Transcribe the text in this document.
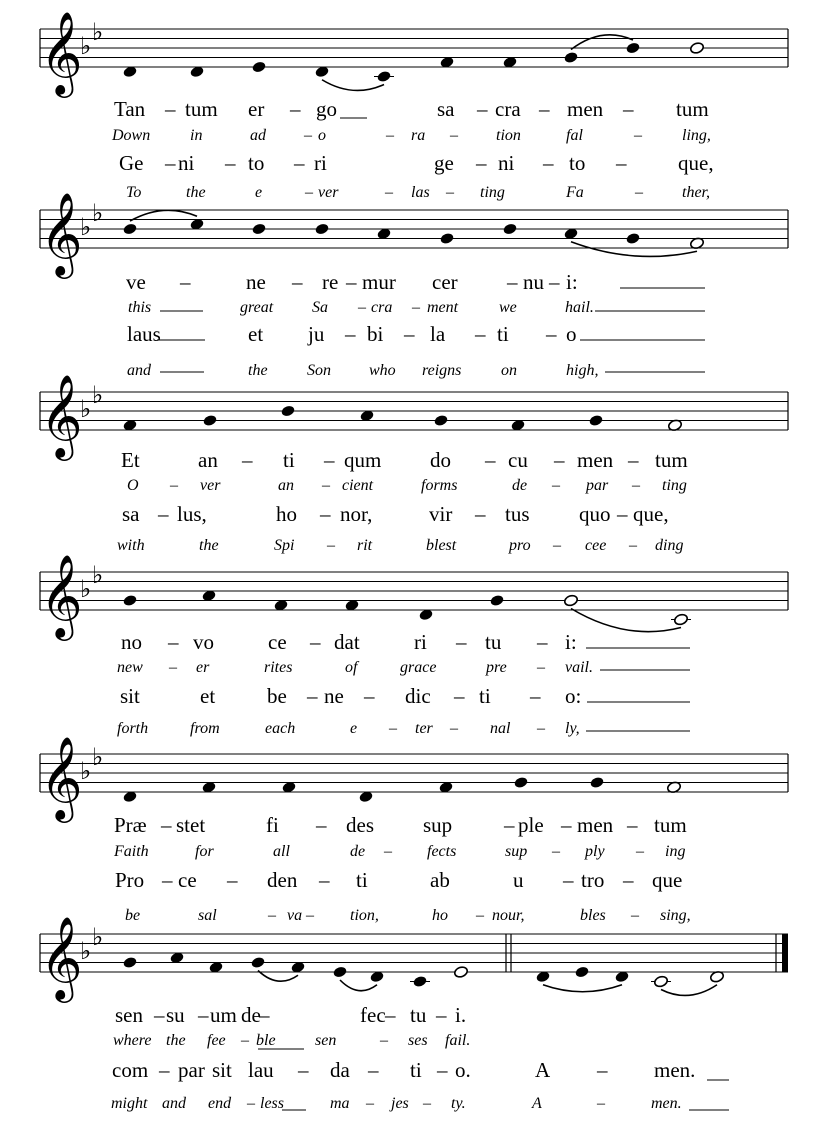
𝄞
♭
♭
𝄞
♭
♭
𝄞
♭
♭
𝄞
♭
♭
𝄞
♭
♭
𝄞
♭
♭
Tan – tum er – go	sa – cra – men – tum
Down in	ad – o	– ra – tion	fal	–	ling,
Ge – ni – to – ri	ge – ni – to – que,
To	the	e	– ver	– las – ting	Fa	– ther,
ve –	ne – re – mur cer – nu – i:
this	great Sa – cra – ment	we	hail.
laus	et ju – bi – la – ti – o
and	the Son who reigns on	high,
Et	an – ti – qum do – cu – men – tum
O – ver	an – cient	forms	de – par – ting
sa – lus,	ho – nor,	vir – tus quo – que,
with	the	Spi – rit	blest	pro – cee – ding
no – vo	ce – dat	ri – tu – i:
new – er	rites	of	grace	pre – vail.
sit	et be – ne – dic – ti – o:
forth	from	each	e – ter – nal – ly,
Præ – stet	fi – des sup – ple – men – tum
Faith	for	all	de – fects	sup – ply – ing
Pro – ce – den – ti	ab	u – tro – que
be	sal	– va – tion,	ho – nour,	bles – sing,
sen – su – um de
–	fec – tu – i.
where the fee – ble sen	– ses fail.
com – par sit lau – da – ti – o.	A – men.
might and end – less	ma – jes – ty.	A	–	men.
